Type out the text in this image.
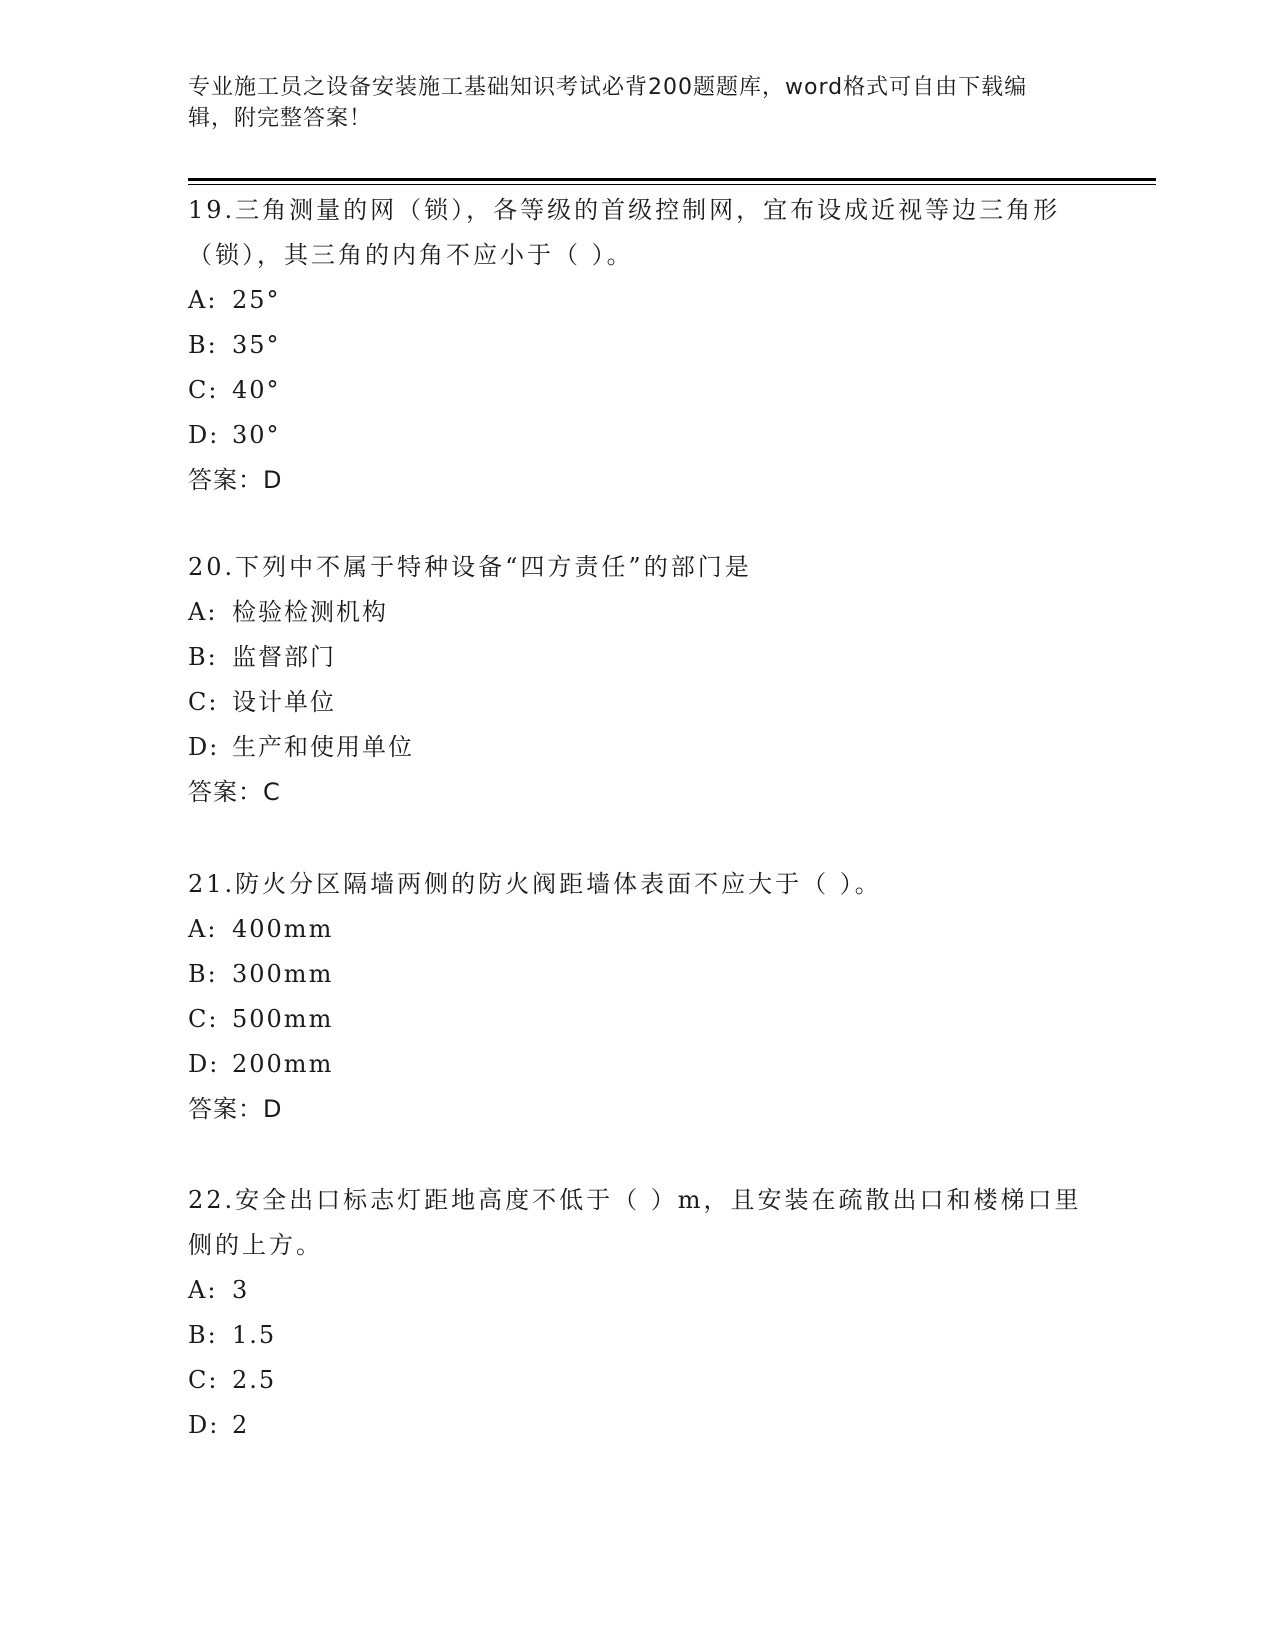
专业施工员之设备安装施工基础知识考试必背200题题库，word格式可自由下载编辑，附完整答案！
19.三角测量的网（锁），各等级的首级控制网，宜布设成近视等边三角形（锁），其三角的内角不应小于（ ）。
A: 25°
B: 35°
C: 40°
D: 30°
答案：D
20.下列中不属于特种设备“四方责任”的部门是
A: 检验检测机构
B: 监督部门
C: 设计单位
D: 生产和使用单位
答案：C
21.防火分区隔墙两侧的防火阀距墙体表面不应大于（ ）。
A: 400mm
B: 300mm
C: 500mm
D: 200mm
答案：D
22.安全出口标志灯距地高度不低于（ ）m，且安装在疏散出口和楼梯口里侧的上方。
A: 3
B: 1.5
C: 2.5
D: 2
